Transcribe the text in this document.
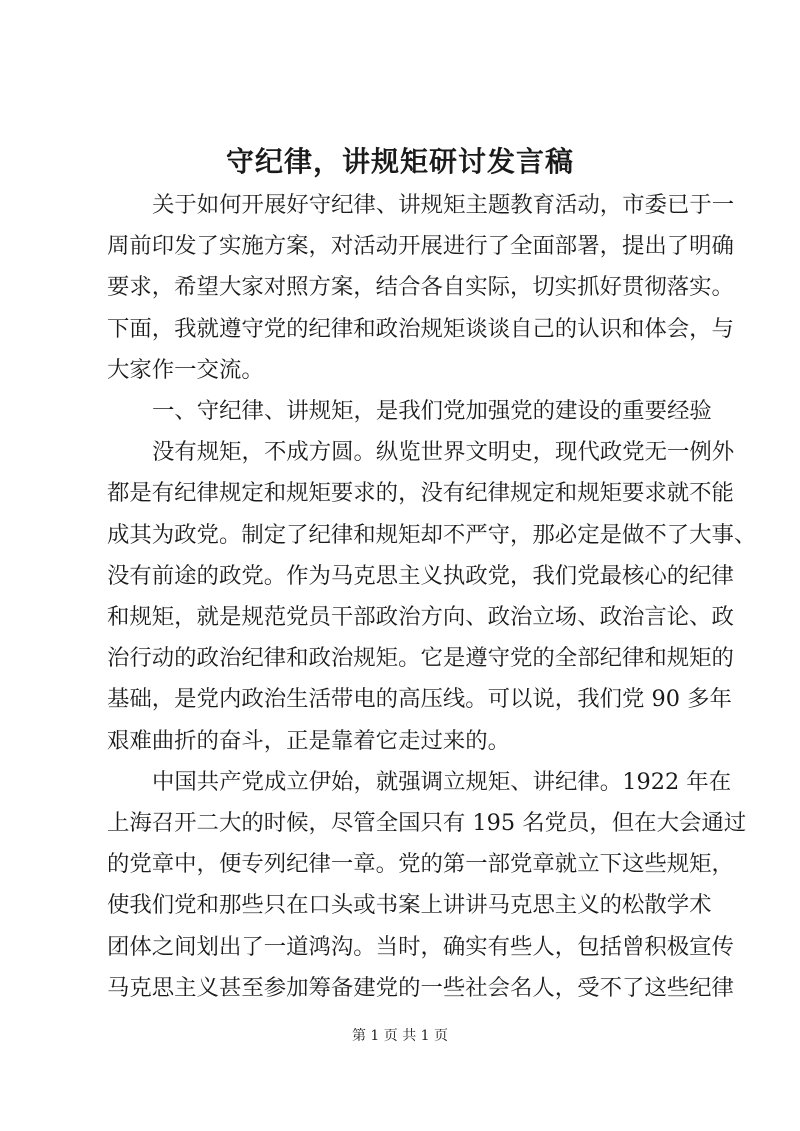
守纪律，讲规矩研讨发言稿
关于如何开展好守纪律、讲规矩主题教育活动，市委已于一
周前印发了实施方案，对活动开展进行了全面部署，提出了明确
要求，希望大家对照方案，结合各自实际，切实抓好贯彻落实。
下面，我就遵守党的纪律和政治规矩谈谈自己的认识和体会，与
大家作一交流。
一、守纪律、讲规矩，是我们党加强党的建设的重要经验
没有规矩，不成方圆。纵览世界文明史，现代政党无一例外
都是有纪律规定和规矩要求的，没有纪律规定和规矩要求就不能
成其为政党。制定了纪律和规矩却不严守，那必定是做不了大事、
没有前途的政党。作为马克思主义执政党，我们党最核心的纪律
和规矩，就是规范党员干部政治方向、政治立场、政治言论、政
治行动的政治纪律和政治规矩。它是遵守党的全部纪律和规矩的
基础，是党内政治生活带电的高压线。可以说，我们党 90 多年
艰难曲折的奋斗，正是靠着它走过来的。
中国共产党成立伊始，就强调立规矩、讲纪律。1922 年在
上海召开二大的时候，尽管全国只有 195 名党员，但在大会通过
的党章中，便专列纪律一章。党的第一部党章就立下这些规矩，
使我们党和那些只在口头或书案上讲讲马克思主义的松散学术
团体之间划出了一道鸿沟。当时，确实有些人，包括曾积极宣传
马克思主义甚至参加筹备建党的一些社会名人，受不了这些纪律
第 1 页 共 1 页
